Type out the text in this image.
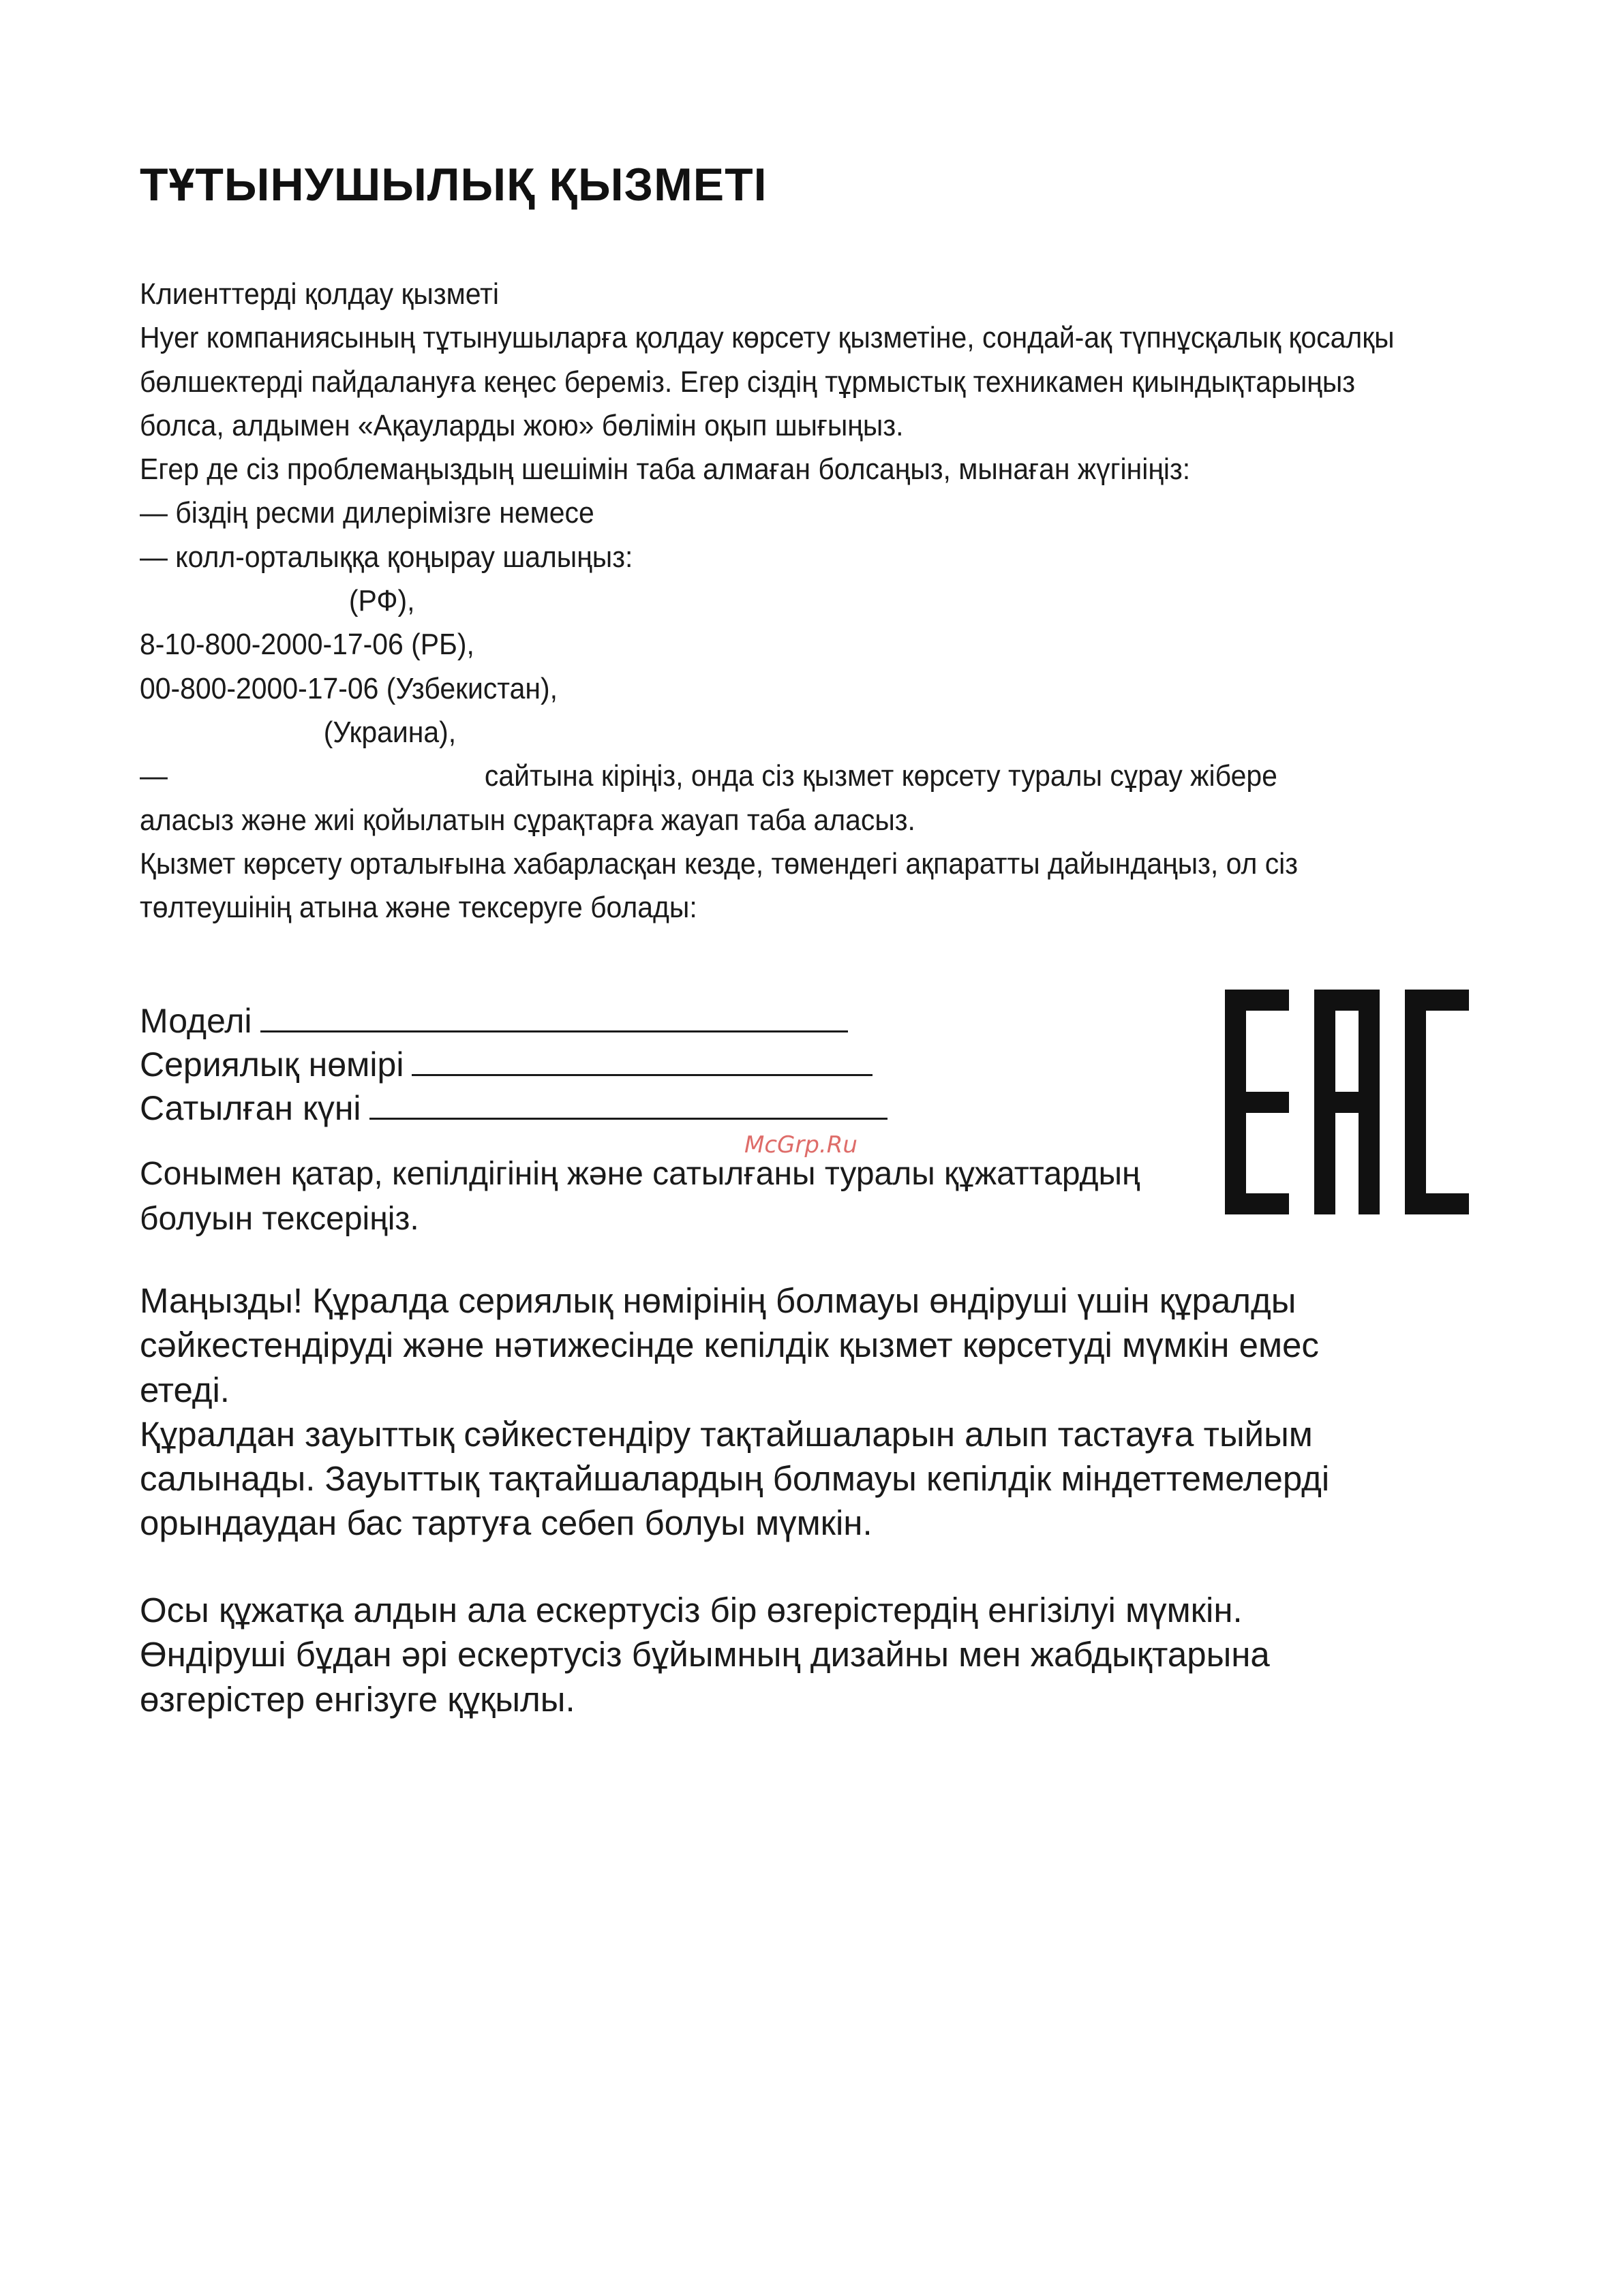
ТҰТЫНУШЫЛЫҚ ҚЫЗМЕТІ
Клиенттерді қолдау қызметі
Hyer компаниясының тұтынушыларға қолдау көрсету қызметіне, сондай-ақ түпнұсқалық қосалқы
бөлшектерді пайдалануға кеңес береміз. Егер сіздің тұрмыстық техникамен қиындықтарыңыз
болса, алдымен «Ақауларды жою» бөлімін оқып шығыңыз.
Егер де сіз проблемаңыздың шешімін таба алмаған болсаңыз, мынаған жүгініңіз:
— біздің ресми дилерімізге немесе
— колл-орталыққа қоңырау шалыңыз:
(РФ),
8-10-800-2000-17-06 (РБ),
00-800-2000-17-06 (Узбекистан),
(Украина),
—	сайтына кіріңіз, онда сіз қызмет көрсету туралы сұрау жібере
алаcыз және жиі қойылатын сұрақтарға жауап таба аласыз.
Қызмет көрсету орталығына хабарласқан кезде, төмендегі ақпаратты дайындаңыз, ол сіз
төлтеушінің атына және тексеруге болады:
Моделі
Сериялық нөмірі
Сатылған күні
McGrp.Ru
Сонымен қатар, кепілдігінің және сатылғаны туралы құжаттардың
болуын тексеріңіз.
Маңызды! Құралда сериялық нөмірінің болмауы өндіруші үшін құралды
сәйкестендіруді және нәтижесінде кепілдік қызмет көрсетуді мүмкін емес
етеді.
Құралдан зауыттық сәйкестендіру тақтайшаларын алып тастауға тыйым
салынады. Зауыттық тақтайшалардың болмауы кепілдік міндеттемелерді
орындаудан бас тартуға себеп болуы мүмкін.
Осы құжатқа алдын ала ескертусіз бір өзгерістердің енгізілуі мүмкін.
Өндіруші бұдан әрі ескертусіз бұйымның дизайны мен жабдықтарына
өзгерістер енгізуге құқылы.
